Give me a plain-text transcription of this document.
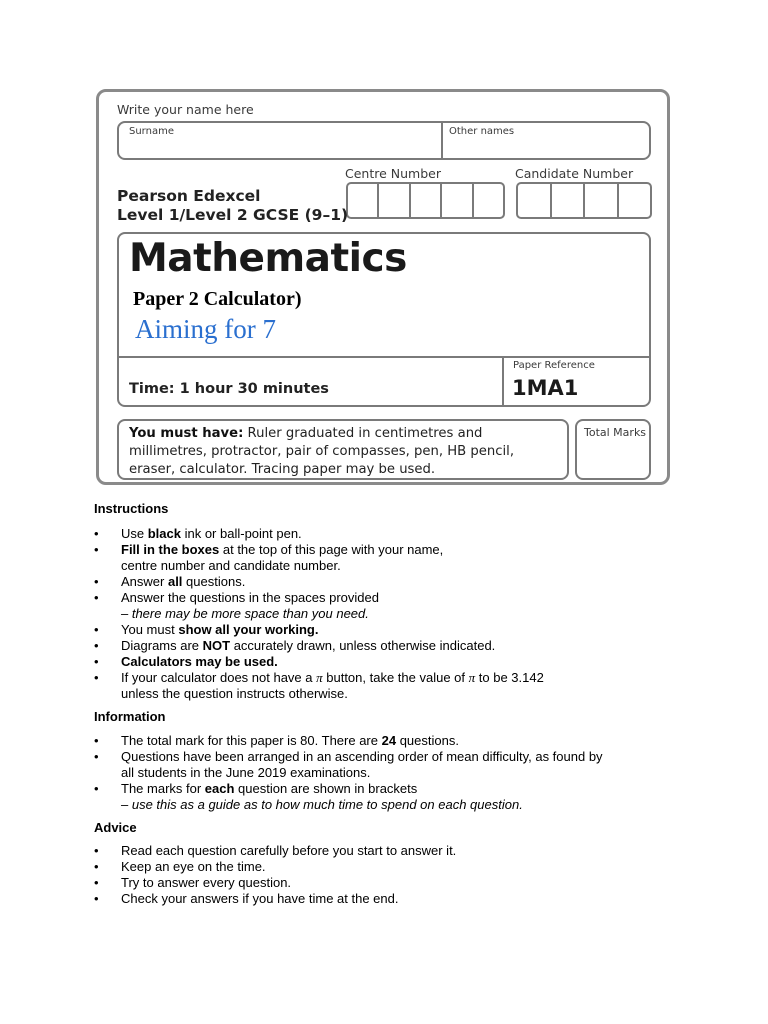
Write your name here
Surname	Other names
Centre Number	Candidate Number
Pearson Edexcel
Level 1/Level 2 GCSE (9–1)
Mathematics
Paper 2 Calculator)
Aiming for 7
Time: 1 hour 30 minutes
Paper Reference
1MA1
You must have: Ruler graduated in centimetres and millimetres, protractor, pair of compasses, pen, HB pencil, eraser, calculator. Tracing paper may be used.
Total Marks
Instructions
• Use black ink or ball-point pen.
• Fill in the boxes at the top of this page with your name,
centre number and candidate number.
• Answer all questions.
• Answer the questions in the spaces provided
– there may be more space than you need.
• You must show all your working.
• Diagrams are NOT accurately drawn, unless otherwise indicated.
• Calculators may be used.
• If your calculator does not have a π button, take the value of π to be 3.142
unless the question instructs otherwise.
Information
• The total mark for this paper is 80. There are 24 questions.
• Questions have been arranged in an ascending order of mean difficulty, as found by
all students in the June 2019 examinations.
• The marks for each question are shown in brackets
– use this as a guide as to how much time to spend on each question.
Advice
• Read each question carefully before you start to answer it.
• Keep an eye on the time.
• Try to answer every question.
• Check your answers if you have time at the end.
